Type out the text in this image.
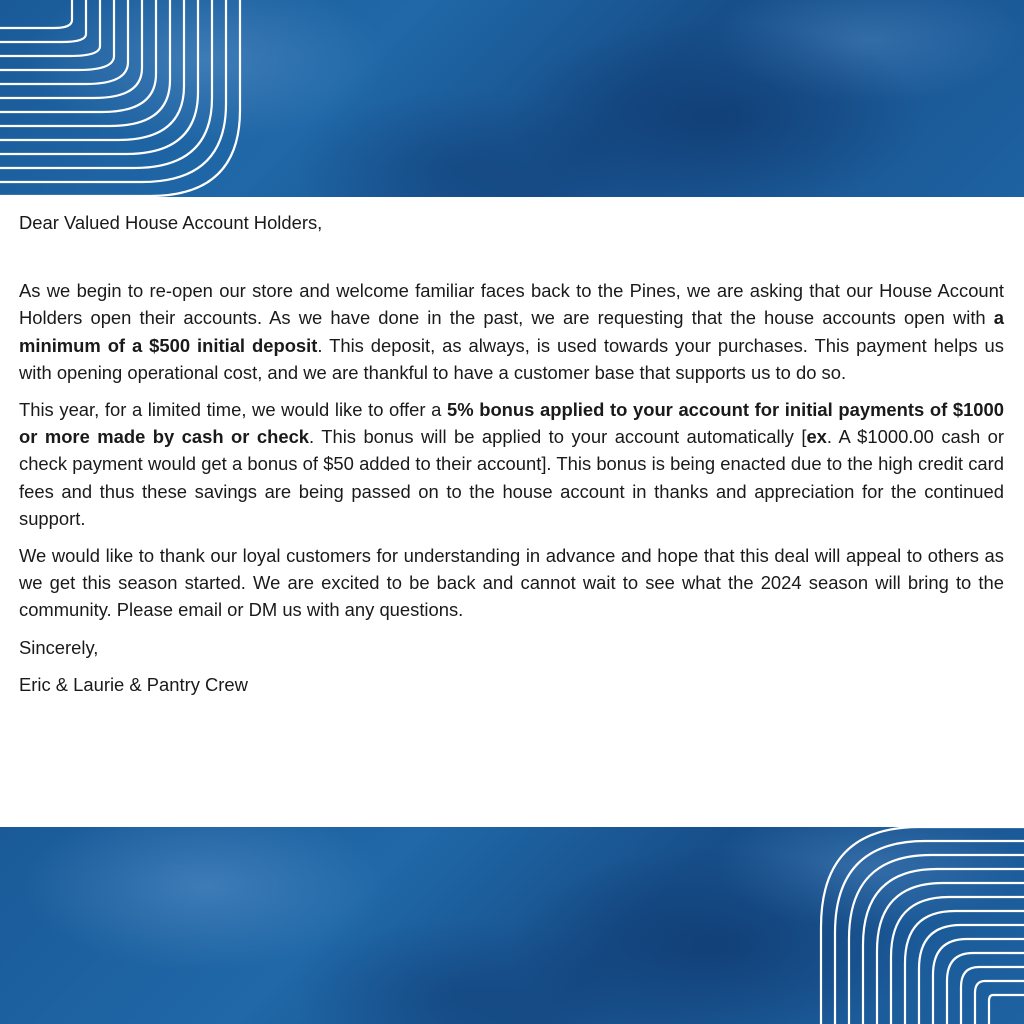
Dear Valued House Account Holders,

As we begin to re-open our store and welcome familiar faces back to the Pines, we are asking that our House Account Holders open their accounts. As we have done in the past, we are requesting that the house accounts open with a minimum of a $500 initial deposit. This deposit, as always, is used towards your purchases. This payment helps us with opening operational cost, and we are thankful to have a customer base that supports us to do so.

This year, for a limited time, we would like to offer a 5% bonus applied to your account for initial payments of $1000 or more made by cash or check. This bonus will be applied to your account automatically [ex. A $1000.00 cash or check payment would get a bonus of $50 added to their account]. This bonus is being enacted due to the high credit card fees and thus these savings are being passed on to the house account in thanks and appreciation for the continued support.

We would like to thank our loyal customers for understanding in advance and hope that this deal will appeal to others as we get this season started. We are excited to be back and cannot wait to see what the 2024 season will bring to the community. Please email or DM us with any questions.

Sincerely,

Eric & Laurie & Pantry Crew
